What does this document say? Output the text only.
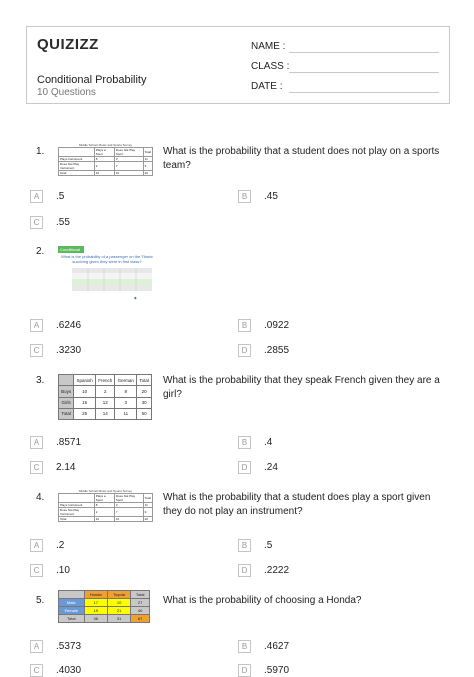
QUIZIZZ
Conditional Probability
10 Questions
NAME :
CLASS :
DATE :
1.
Middle School Music and Sports Survey
	Plays a Sport	Does Not Play Sport	Total
Plays Instrument	8	3	11
Does Not Play Instrument	2	7	9
Total	10	10	20
What is the probability that a student does not play on a sports team?
A	.5	B	.45
C	.55
2.	Conditional
What is the probability of a passenger on the Titanic surviving given they were in first class?
◆
A	.6246	B	.0922
C	.3230	D	.2855
3.
		Spanish	French	German	Total
Boys	10	2	8	20
Girls	15	12	3	30
Total	25	14	11	50
What is the probability that they speak French given they are a girl?
A	.8571	B	.4
C	2.14	D	.24
4.
Middle School Music and Sports Survey
	Plays a Sport	Does Not Play Sport	Total
Plays Instrument	8	3	11
Does Not Play Instrument	2	7	9
Total	10	10	20
What is the probability that a student does play a sport given they do not play an instrument?
A	.2	B	.5
C	.10	D	.2222
5.
	Honda	Toyota	Total
Male	17	10	27
Female	19	21	40
Total	36	31	67
What is the probability of choosing a Honda?
A	.5373	B	.4627
C	.4030	D	.5970
